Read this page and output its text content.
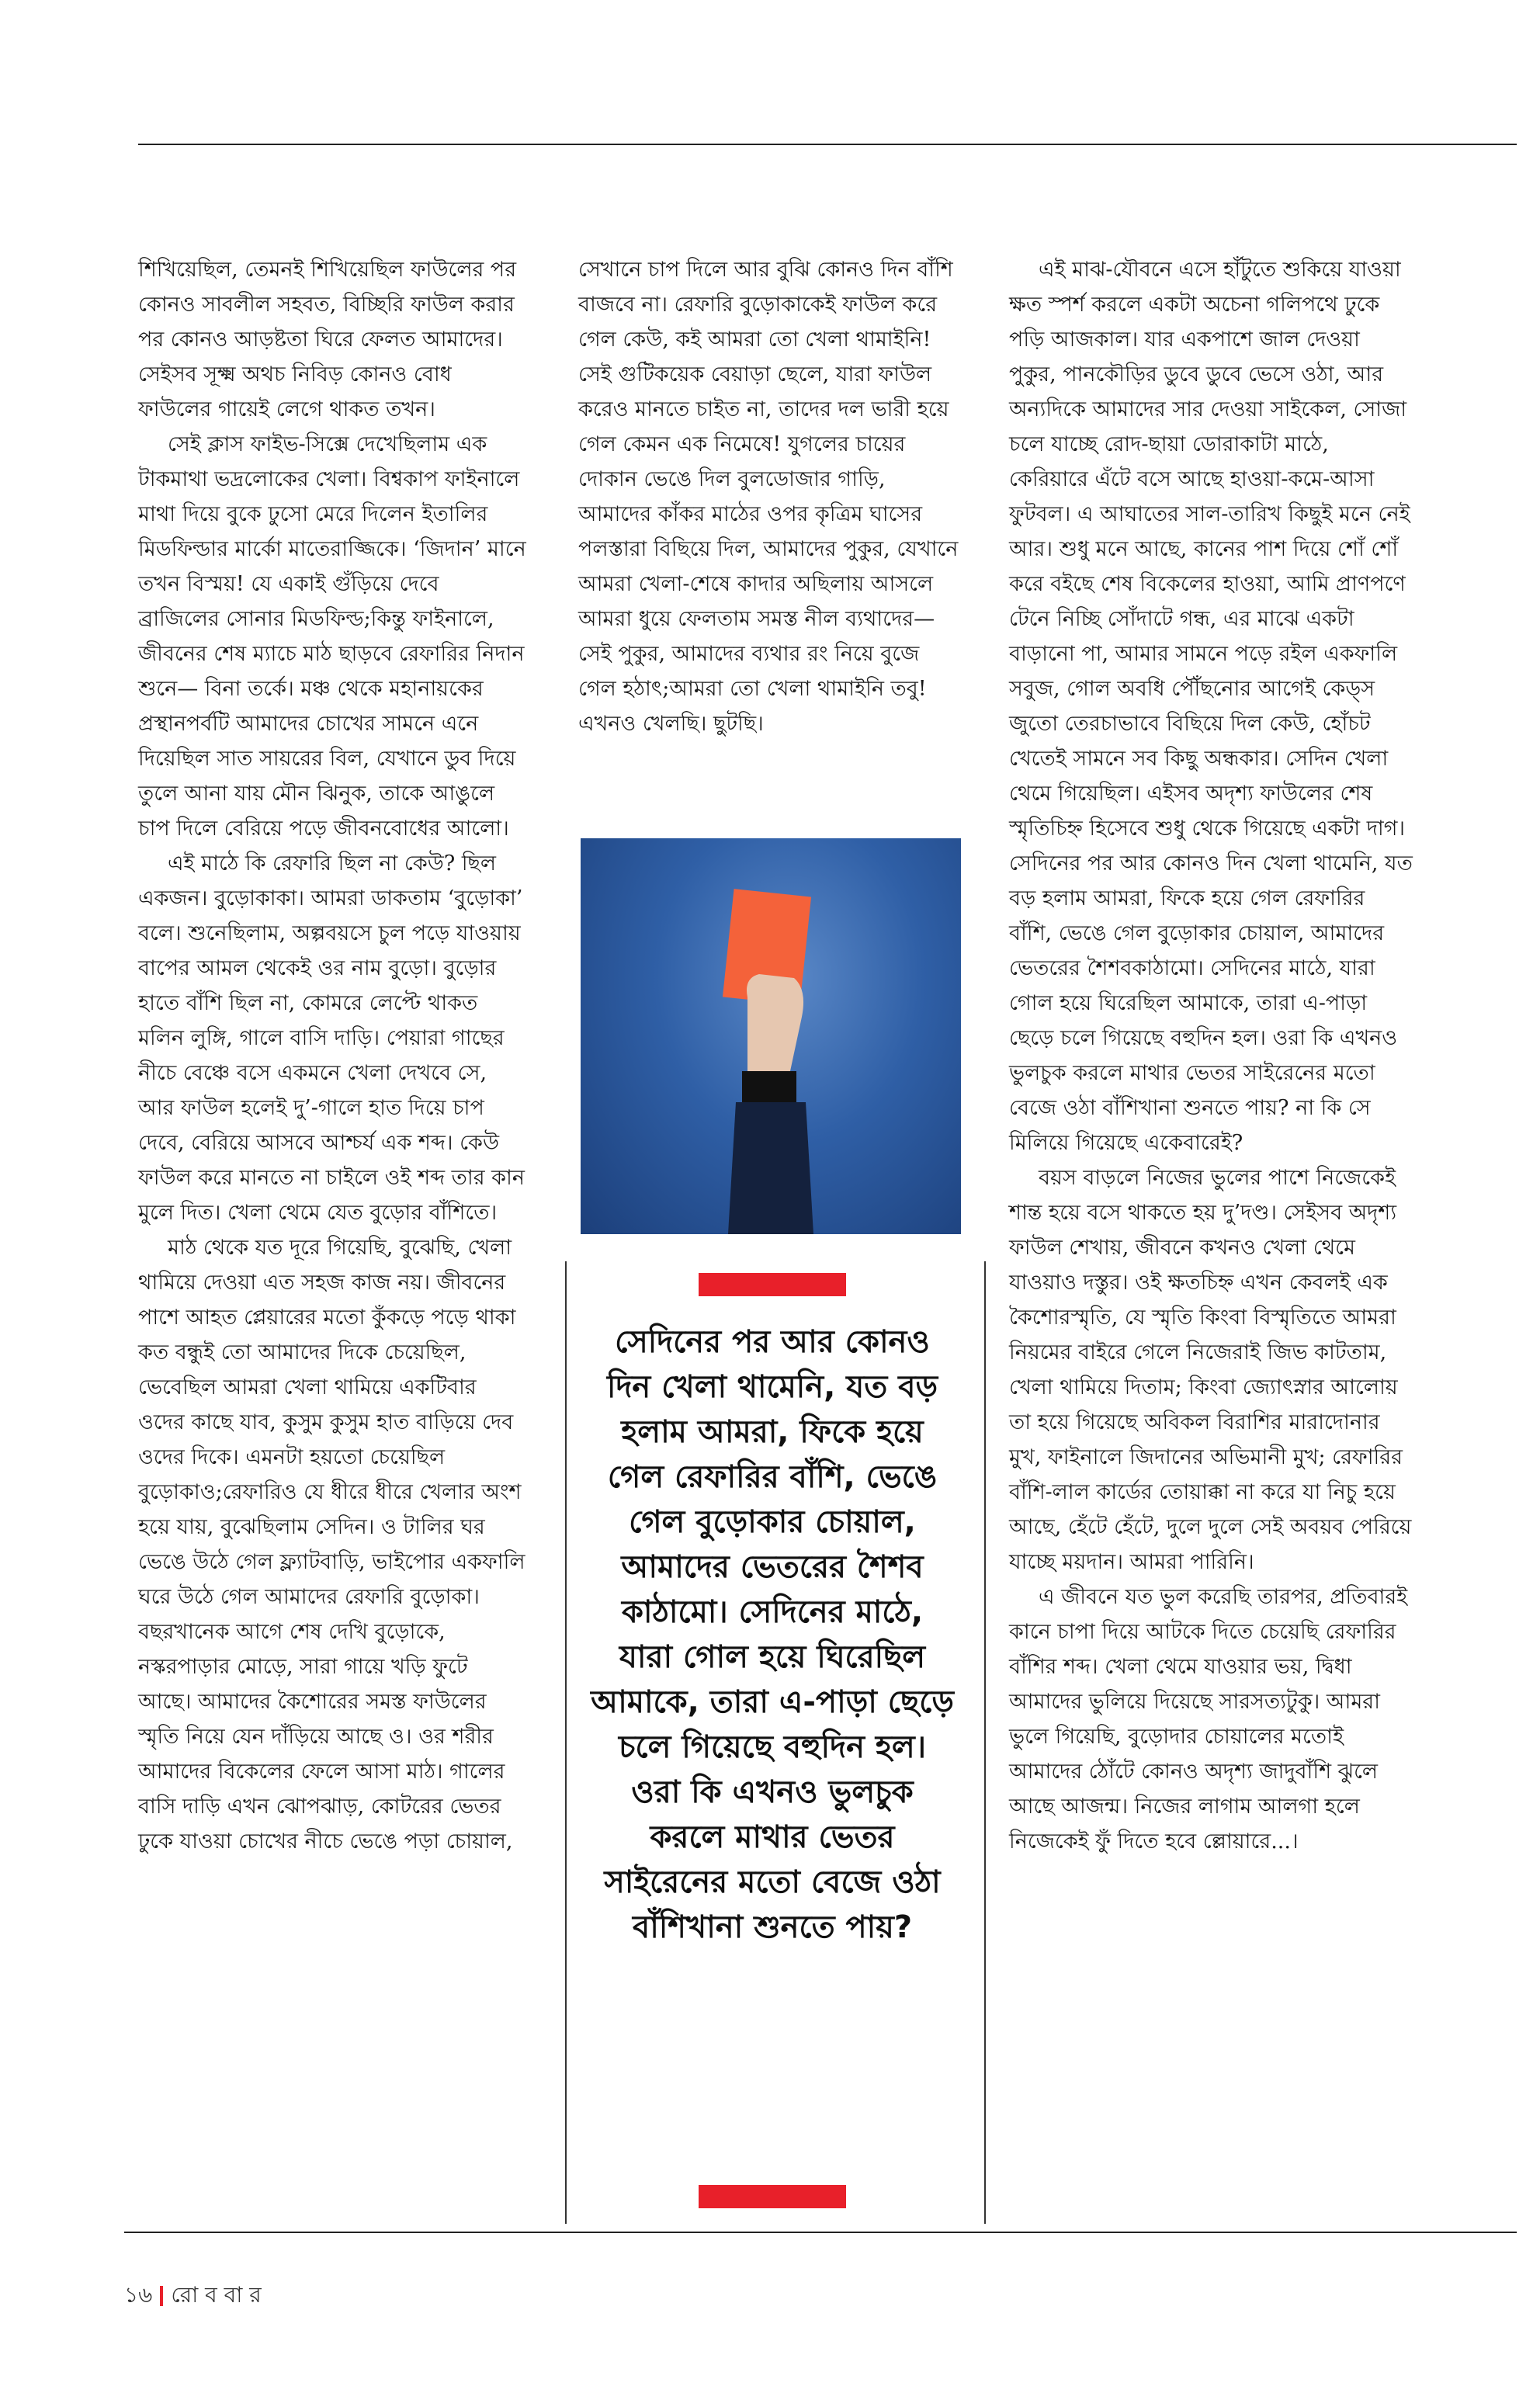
শিখিয়েছিল, তেমনই শিখিয়েছিল ফাউলের পর কোনও সাবলীল সহবত, বিচ্ছিরি ফাউল করার পর কোনও আড়ষ্টতা ঘিরে ফেলত আমাদের। সেইসব সূক্ষ্ম অথচ নিবিড় কোনও বোধ ফাউলের গায়েই লেগে থাকত তখন।

সেই ক্লাস ফাইভ-সিক্সে দেখেছিলাম এক টাকমাথা ভদ্রলোকের খেলা। বিশ্বকাপ ফাইনালে মাথা দিয়ে বুকে ঢুসো মেরে দিলেন ইতালির মিডফিল্ডার মার্কো মাতেরাজ্জিকে। ‘জিদান’ মানে তখন বিস্ময়! যে একাই গুঁড়িয়ে দেবে ব্রাজিলের সোনার মিডফিল্ড;কিন্তু ফাইনালে, জীবনের শেষ ম্যাচে মাঠ ছাড়বে রেফারির নিদান শুনে— বিনা তর্কে। মঞ্চ থেকে মহানায়কের প্রস্থানপর্বটি আমাদের চোখের সামনে এনে দিয়েছিল সাত সায়রের বিল, যেখানে ডুব দিয়ে তুলে আনা যায় মৌন ঝিনুক, তাকে আঙুলে চাপ দিলে বেরিয়ে পড়ে জীবনবোধের আলো।

এই মাঠে কি রেফারি ছিল না কেউ? ছিল একজন। বুড়োকাকা। আমরা ডাকতাম ‘বুড়োকা’ বলে। শুনেছিলাম, অল্পবয়সে চুল পড়ে যাওয়ায় বাপের আমল থেকেই ওর নাম বুড়ো। বুড়োর হাতে বাঁশি ছিল না, কোমরে লেপ্টে থাকত মলিন লুঙ্গি, গালে বাসি দাড়ি। পেয়ারা গাছের নীচে বেঞ্চে বসে একমনে খেলা দেখবে সে, আর ফাউল হলেই দু’-গালে হাত দিয়ে চাপ দেবে, বেরিয়ে আসবে আশ্চর্য এক শব্দ। কেউ ফাউল করে মানতে না চাইলে ওই শব্দ তার কান মুলে দিত। খেলা থেমে যেত বুড়োর বাঁশিতে।

মাঠ থেকে যত দূরে গিয়েছি, বুঝেছি, খেলা থামিয়ে দেওয়া এত সহজ কাজ নয়। জীবনের পাশে আহত প্লেয়ারের মতো কুঁকড়ে পড়ে থাকা কত বন্ধুই তো আমাদের দিকে চেয়েছিল, ভেবেছিল আমরা খেলা থামিয়ে একটিবার ওদের কাছে যাব, কুসুম কুসুম হাত বাড়িয়ে দেব ওদের দিকে। এমনটা হয়তো চেয়েছিল বুড়োকাও;রেফারিও যে ধীরে ধীরে খেলার অংশ হয়ে যায়, বুঝেছিলাম সেদিন। ও টালির ঘর ভেঙে উঠে গেল ফ্ল্যাটবাড়ি, ভাইপোর একফালি ঘরে উঠে গেল আমাদের রেফারি বুড়োকা। বছরখানেক আগে শেষ দেখি বুড়োকে, নস্করপাড়ার মোড়ে, সারা গায়ে খড়ি ফুটে আছে। আমাদের কৈশোরের সমস্ত ফাউলের স্মৃতি নিয়ে যেন দাঁড়িয়ে আছে ও। ওর শরীর আমাদের বিকেলের ফেলে আসা মাঠ। গালের বাসি দাড়ি এখন ঝোপঝাড়, কোটরের ভেতর ঢুকে যাওয়া চোখের নীচে ভেঙে পড়া চোয়াল,

সেখানে চাপ দিলে আর বুঝি কোনও দিন বাঁশি বাজবে না। রেফারি বুড়োকাকেই ফাউল করে গেল কেউ, কই আমরা তো খেলা থামাইনি! সেই গুটিকয়েক বেয়াড়া ছেলে, যারা ফাউল করেও মানতে চাইত না, তাদের দল ভারী হয়ে গেল কেমন এক নিমেষে! যুগলের চায়ের দোকান ভেঙে দিল বুলডোজার গাড়ি, আমাদের কাঁকর মাঠের ওপর কৃত্রিম ঘাসের পলস্তারা বিছিয়ে দিল, আমাদের পুকুর, যেখানে আমরা খেলা-শেষে কাদার অছিলায় আসলে আমরা ধুয়ে ফেলতাম সমস্ত নীল ব্যথাদের— সেই পুকুর, আমাদের ব্যথার রং নিয়ে বুজে গেল হঠাৎ;আমরা তো খেলা থামাইনি তবু! এখনও খেলছি। ছুটছি।

সেদিনের পর আর কোনও দিন খেলা থামেনি, যত বড় হলাম আমরা, ফিকে হয়ে গেল রেফারির বাঁশি, ভেঙে গেল বুড়োকার চোয়াল, আমাদের ভেতরের শৈশব কাঠামো। সেদিনের মাঠে, যারা গোল হয়ে ঘিরেছিল আমাকে, তারা এ-পাড়া ছেড়ে চলে গিয়েছে বহুদিন হল। ওরা কি এখনও ভুলচুক করলে মাথার ভেতর সাইরেনের মতো বেজে ওঠা বাঁশিখানা শুনতে পায়?

এই মাঝ-যৌবনে এসে হাঁটুতে শুকিয়ে যাওয়া ক্ষত স্পর্শ করলে একটা অচেনা গলিপথে ঢুকে পড়ি আজকাল। যার একপাশে জাল দেওয়া পুকুর, পানকৌড়ির ডুবে ডুবে ভেসে ওঠা, আর অন্যদিকে আমাদের সার দেওয়া সাইকেল, সোজা চলে যাচ্ছে রোদ-ছায়া ডোরাকাটা মাঠে, কেরিয়ারে এঁটে বসে আছে হাওয়া-কমে-আসা ফুটবল। এ আঘাতের সাল-তারিখ কিছুই মনে নেই আর। শুধু মনে আছে, কানের পাশ দিয়ে শোঁ শোঁ করে বইছে শেষ বিকেলের হাওয়া, আমি প্রাণপণে টেনে নিচ্ছি সোঁদাটে গন্ধ, এর মাঝে একটা বাড়ানো পা, আমার সামনে পড়ে রইল একফালি সবুজ, গোল অবধি পৌঁছনোর আগেই কেড্‌স জুতো তেরচাভাবে বিছিয়ে দিল কেউ, হোঁচট খেতেই সামনে সব কিছু অন্ধকার। সেদিন খেলা থেমে গিয়েছিল। এইসব অদৃশ্য ফাউলের শেষ স্মৃতিচিহ্ন হিসেবে শুধু থেকে গিয়েছে একটা দাগ। সেদিনের পর আর কোনও দিন খেলা থামেনি, যত বড় হলাম আমরা, ফিকে হয়ে গেল রেফারির বাঁশি, ভেঙে গেল বুড়োকার চোয়াল, আমাদের ভেতরের শৈশবকাঠামো। সেদিনের মাঠে, যারা গোল হয়ে ঘিরেছিল আমাকে, তারা এ-পাড়া ছেড়ে চলে গিয়েছে বহুদিন হল। ওরা কি এখনও ভুলচুক করলে মাথার ভেতর সাইরেনের মতো বেজে ওঠা বাঁশিখানা শুনতে পায়? না কি সে মিলিয়ে গিয়েছে একেবারেই?

বয়স বাড়লে নিজের ভুলের পাশে নিজেকেই শান্ত হয়ে বসে থাকতে হয় দু’দণ্ড। সেইসব অদৃশ্য ফাউল শেখায়, জীবনে কখনও খেলা থেমে যাওয়াও দস্তুর। ওই ক্ষতচিহ্ন এখন কেবলই এক কৈশোরস্মৃতি, যে স্মৃতি কিংবা বিস্মৃতিতে আমরা নিয়মের বাইরে গেলে নিজেরাই জিভ কাটতাম, খেলা থামিয়ে দিতাম; কিংবা জ্যোৎস্নার আলোয় তা হয়ে গিয়েছে অবিকল বিরাশির মারাদোনার মুখ, ফাইনালে জিদানের অভিমানী মুখ; রেফারির বাঁশি-লাল কার্ডের তোয়াক্কা না করে যা নিচু হয়ে আছে, হেঁটে হেঁটে, দুলে দুলে সেই অবয়ব পেরিয়ে যাচ্ছে ময়দান। আমরা পারিনি।

এ জীবনে যত ভুল করেছি তারপর, প্রতিবারই কানে চাপা দিয়ে আটকে দিতে চেয়েছি রেফারির বাঁশির শব্দ। খেলা থেমে যাওয়ার ভয়, দ্বিধা আমাদের ভুলিয়ে দিয়েছে সারসত্যটুকু। আমরা ভুলে গিয়েছি, বুড়োদার চোয়ালের মতোই আমাদের ঠোঁটে কোনও অদৃশ্য জাদুবাঁশি ঝুলে আছে আজন্ম। নিজের লাগাম আলগা হলে নিজেকেই ফুঁ দিতে হবে ল্লোয়ারে...।

১৬ রো ব বা র
